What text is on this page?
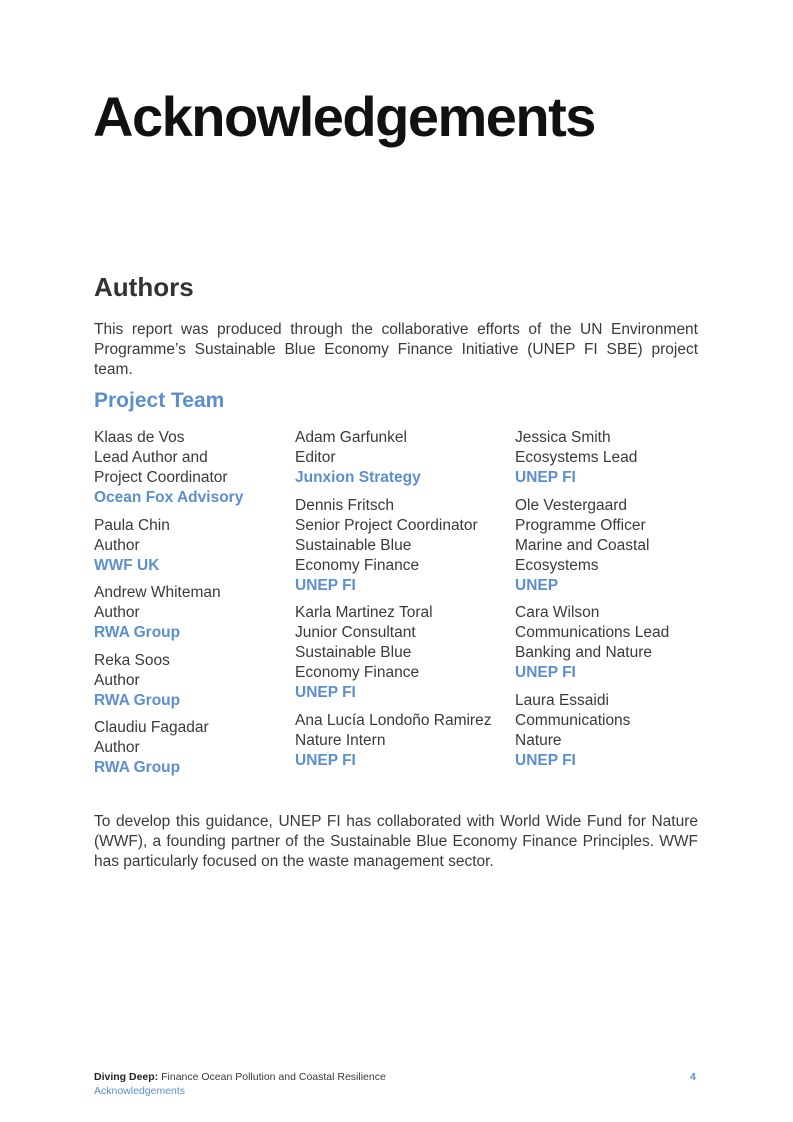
Acknowledgements
Authors

This report was produced through the collaborative efforts of the UN Environment Programme’s Sustainable Blue Economy Finance Initiative (UNEP FI SBE) project team.

Project Team
Klaas de Vos
Lead Author and
Project Coordinator
Ocean Fox Advisory
Paula Chin
Author
WWF UK
Andrew Whiteman
Author
RWA Group
Reka Soos
Author
RWA Group
Claudiu Fagadar
Author
RWA Group
Adam Garfunkel
Editor
Junxion Strategy
Dennis Fritsch
Senior Project Coordinator
Sustainable Blue
Economy Finance
UNEP FI
Karla Martinez Toral
Junior Consultant
Sustainable Blue
Economy Finance
UNEP FI
Ana Lucía Londoño Ramirez
Nature Intern
UNEP FI
Jessica Smith
Ecosystems Lead
UNEP FI
Ole Vestergaard
Programme Officer
Marine and Coastal
Ecosystems
UNEP
Cara Wilson
Communications Lead
Banking and Nature
UNEP FI
Laura Essaidi
Communications
Nature
UNEP FI

To develop this guidance, UNEP FI has collaborated with World Wide Fund for Nature (WWF), a founding partner of the Sustainable Blue Economy Finance Principles. WWF has particularly focused on the waste management sector.

Diving Deep: Finance Ocean Pollution and Coastal Resilience
Acknowledgements
4
